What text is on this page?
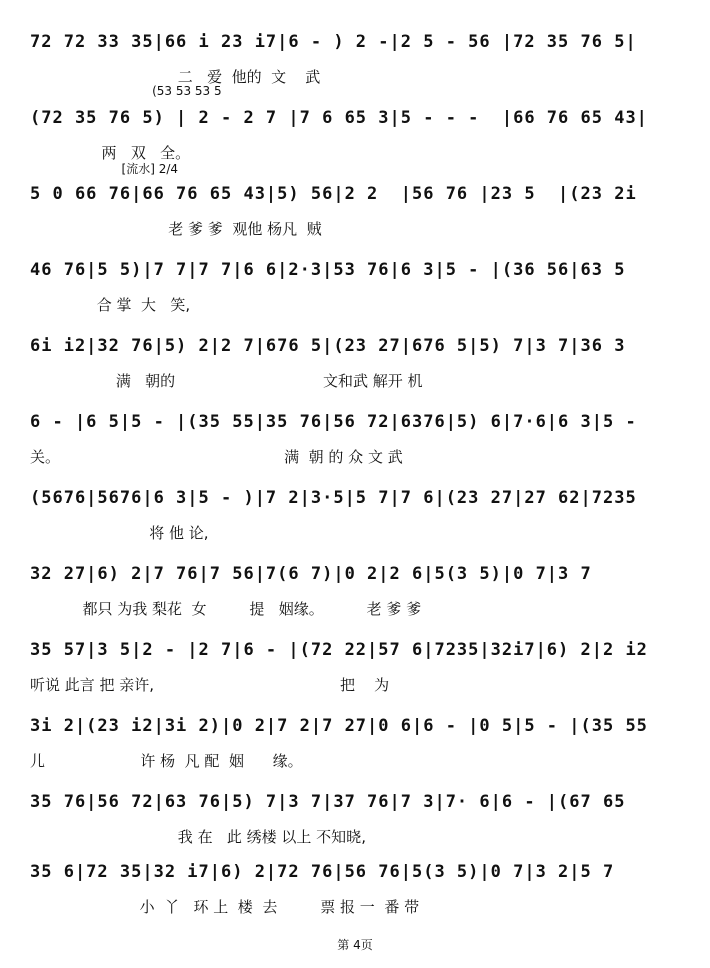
72 72 33 35|66 i 23 i7|6 - ) 2 -|2 5 - 56 |72 35 76 5|
二   爱  他的  文    武
(72 35 76 5) | 2 - 2 7 |7 6 65 3|5 - - -  |66 76 65 43|
两   双   全。
(53 53 53 5
5 0 66 76|66 76 65 43|5) 56|2 2  |56 76 |23 5  |(23 2i
老 爹 爹  观他 杨凡  贼
[流水] 2/4
46 76|5 5)|7 7|7 7|6 6|2·3|53 76|6 3|5 - |(36 56|63 5
合 掌  大   笑,
6i i2|32 76|5) 2|2 7|676 5|(23 27|676 5|5) 7|3 7|36 3
满   朝的                               文和武 解开 机
6 - |6 5|5 - |(35 55|35 76|56 72|6376|5) 6|7·6|6 3|5 -
关。                                               满  朝 的 众 文 武
(5676|5676|6 3|5 - )|7 2|3·5|5 7|7 6|(23 27|27 62|7235
将 他 论,
32 27|6) 2|7 76|7 56|7(6 7)|0 2|2 6|5(3 5)|0 7|3 7
都只 为我 梨花  女         提   姻缘。         老 爹 爹
35 57|3 5|2 - |2 7|6 - |(72 22|57 6|7235|32i7|6) 2|2 i2
听说 此言 把 亲许,                                       把    为
3i 2|(23 i2|3i 2)|0 2|7 2|7 27|0 6|6 - |0 5|5 - |(35 55
儿                    许 杨  凡 配  姻      缘。
35 76|56 72|63 76|5) 7|3 7|37 76|7 3|7· 6|6 - |(67 65
我 在   此 绣楼 以上 不知晓,
35 6|72 35|32 i7|6) 2|72 76|56 76|5(3 5)|0 7|3 2|5 7
小  丫   环 上  楼  去         票 报 一  番 带
第 4页
